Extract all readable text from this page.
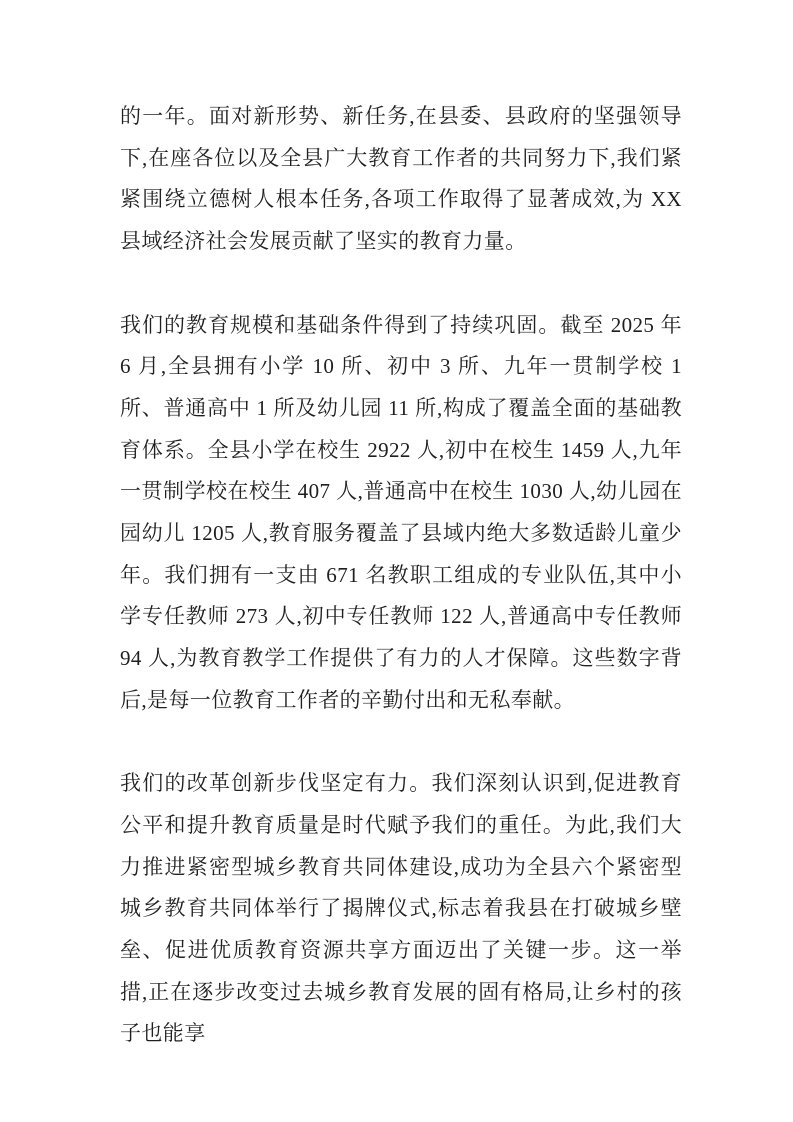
的一年。面对新形势、新任务,在县委、县政府的坚强领导下,在座各位以及全县广大教育工作者的共同努力下,我们紧紧围绕立德树人根本任务,各项工作取得了显著成效,为 XX 县域经济社会发展贡献了坚实的教育力量。

我们的教育规模和基础条件得到了持续巩固。截至 2025 年 6 月,全县拥有小学 10 所、初中 3 所、九年一贯制学校 1 所、普通高中 1 所及幼儿园 11 所,构成了覆盖全面的基础教育体系。全县小学在校生 2922 人,初中在校生 1459 人,九年一贯制学校在校生 407 人,普通高中在校生 1030 人,幼儿园在园幼儿 1205 人,教育服务覆盖了县域内绝大多数适龄儿童少年。我们拥有一支由 671 名教职工组成的专业队伍,其中小学专任教师 273 人,初中专任教师 122 人,普通高中专任教师 94 人,为教育教学工作提供了有力的人才保障。这些数字背后,是每一位教育工作者的辛勤付出和无私奉献。

我们的改革创新步伐坚定有力。我们深刻认识到,促进教育公平和提升教育质量是时代赋予我们的重任。为此,我们大力推进紧密型城乡教育共同体建设,成功为全县六个紧密型城乡教育共同体举行了揭牌仪式,标志着我县在打破城乡壁垒、促进优质教育资源共享方面迈出了关键一步。这一举措,正在逐步改变过去城乡教育发展的固有格局,让乡村的孩子也能享
